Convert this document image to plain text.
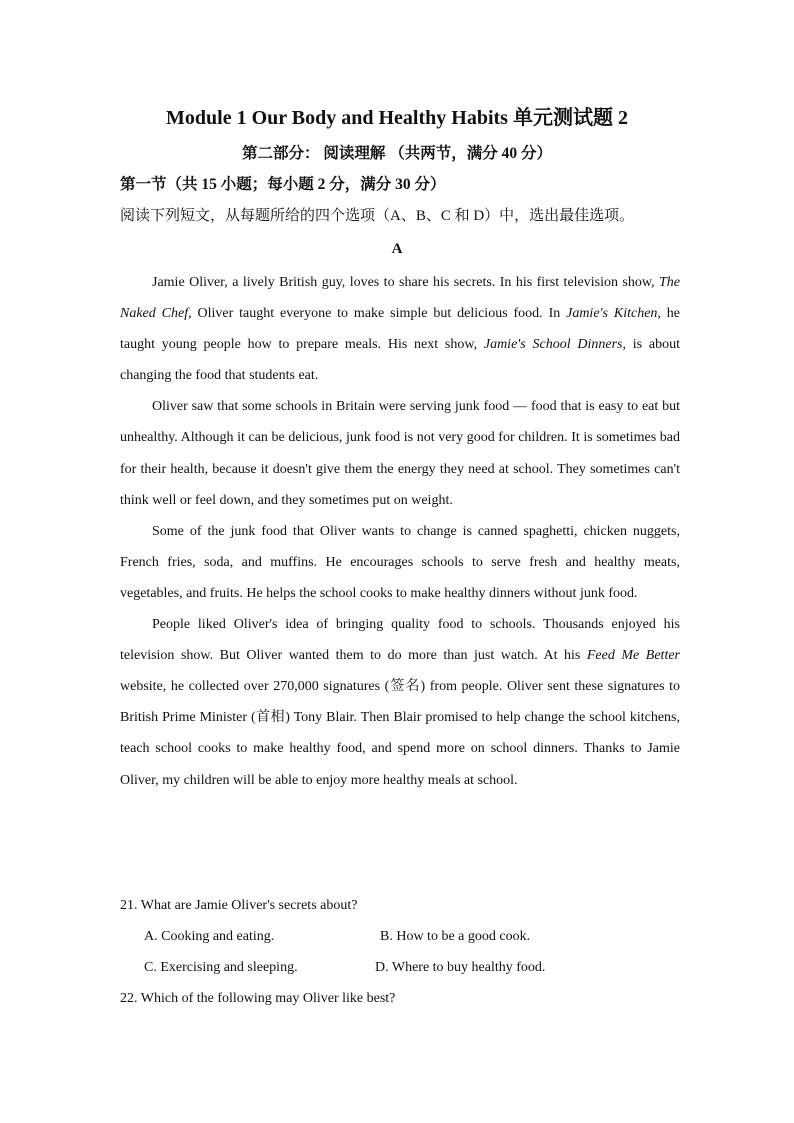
Module 1 Our Body and Healthy Habits 单元测试题 2
第二部分： 阅读理解 （共两节，满分 40 分）
第一节（共 15 小题；每小题 2 分，满分 30 分）
阅读下列短文，从每题所给的四个选项（A、B、C 和 D）中，选出最佳选项。
A

Jamie Oliver, a lively British guy, loves to share his secrets. In his first television show, The Naked Chef, Oliver taught everyone to make simple but delicious food. In Jamie's Kitchen, he taught young people how to prepare meals. His next show, Jamie's School Dinners, is about changing the food that students eat.

Oliver saw that some schools in Britain were serving junk food — food that is easy to eat but unhealthy. Although it can be delicious, junk food is not very good for children. It is sometimes bad for their health, because it doesn't give them the energy they need at school. They sometimes can't think well or feel down, and they sometimes put on weight.

Some of the junk food that Oliver wants to change is canned spaghetti, chicken nuggets, French fries, soda, and muffins. He encourages schools to serve fresh and healthy meats, vegetables, and fruits. He helps the school cooks to make healthy dinners without junk food.

People liked Oliver's idea of bringing quality food to schools. Thousands enjoyed his television show. But Oliver wanted them to do more than just watch. At his Feed Me Better website, he collected over 270,000 signatures (签名) from people. Oliver sent these signatures to British Prime Minister (首相) Tony Blair. Then Blair promised to help change the school kitchens, teach school cooks to make healthy food, and spend more on school dinners. Thanks to Jamie Oliver, my children will be able to enjoy more healthy meals at school.

21. What are Jamie Oliver's secrets about?
A. Cooking and eating.	B. How to be a good cook.
C. Exercising and sleeping.	D. Where to buy healthy food.
22. Which of the following may Oliver like best?
